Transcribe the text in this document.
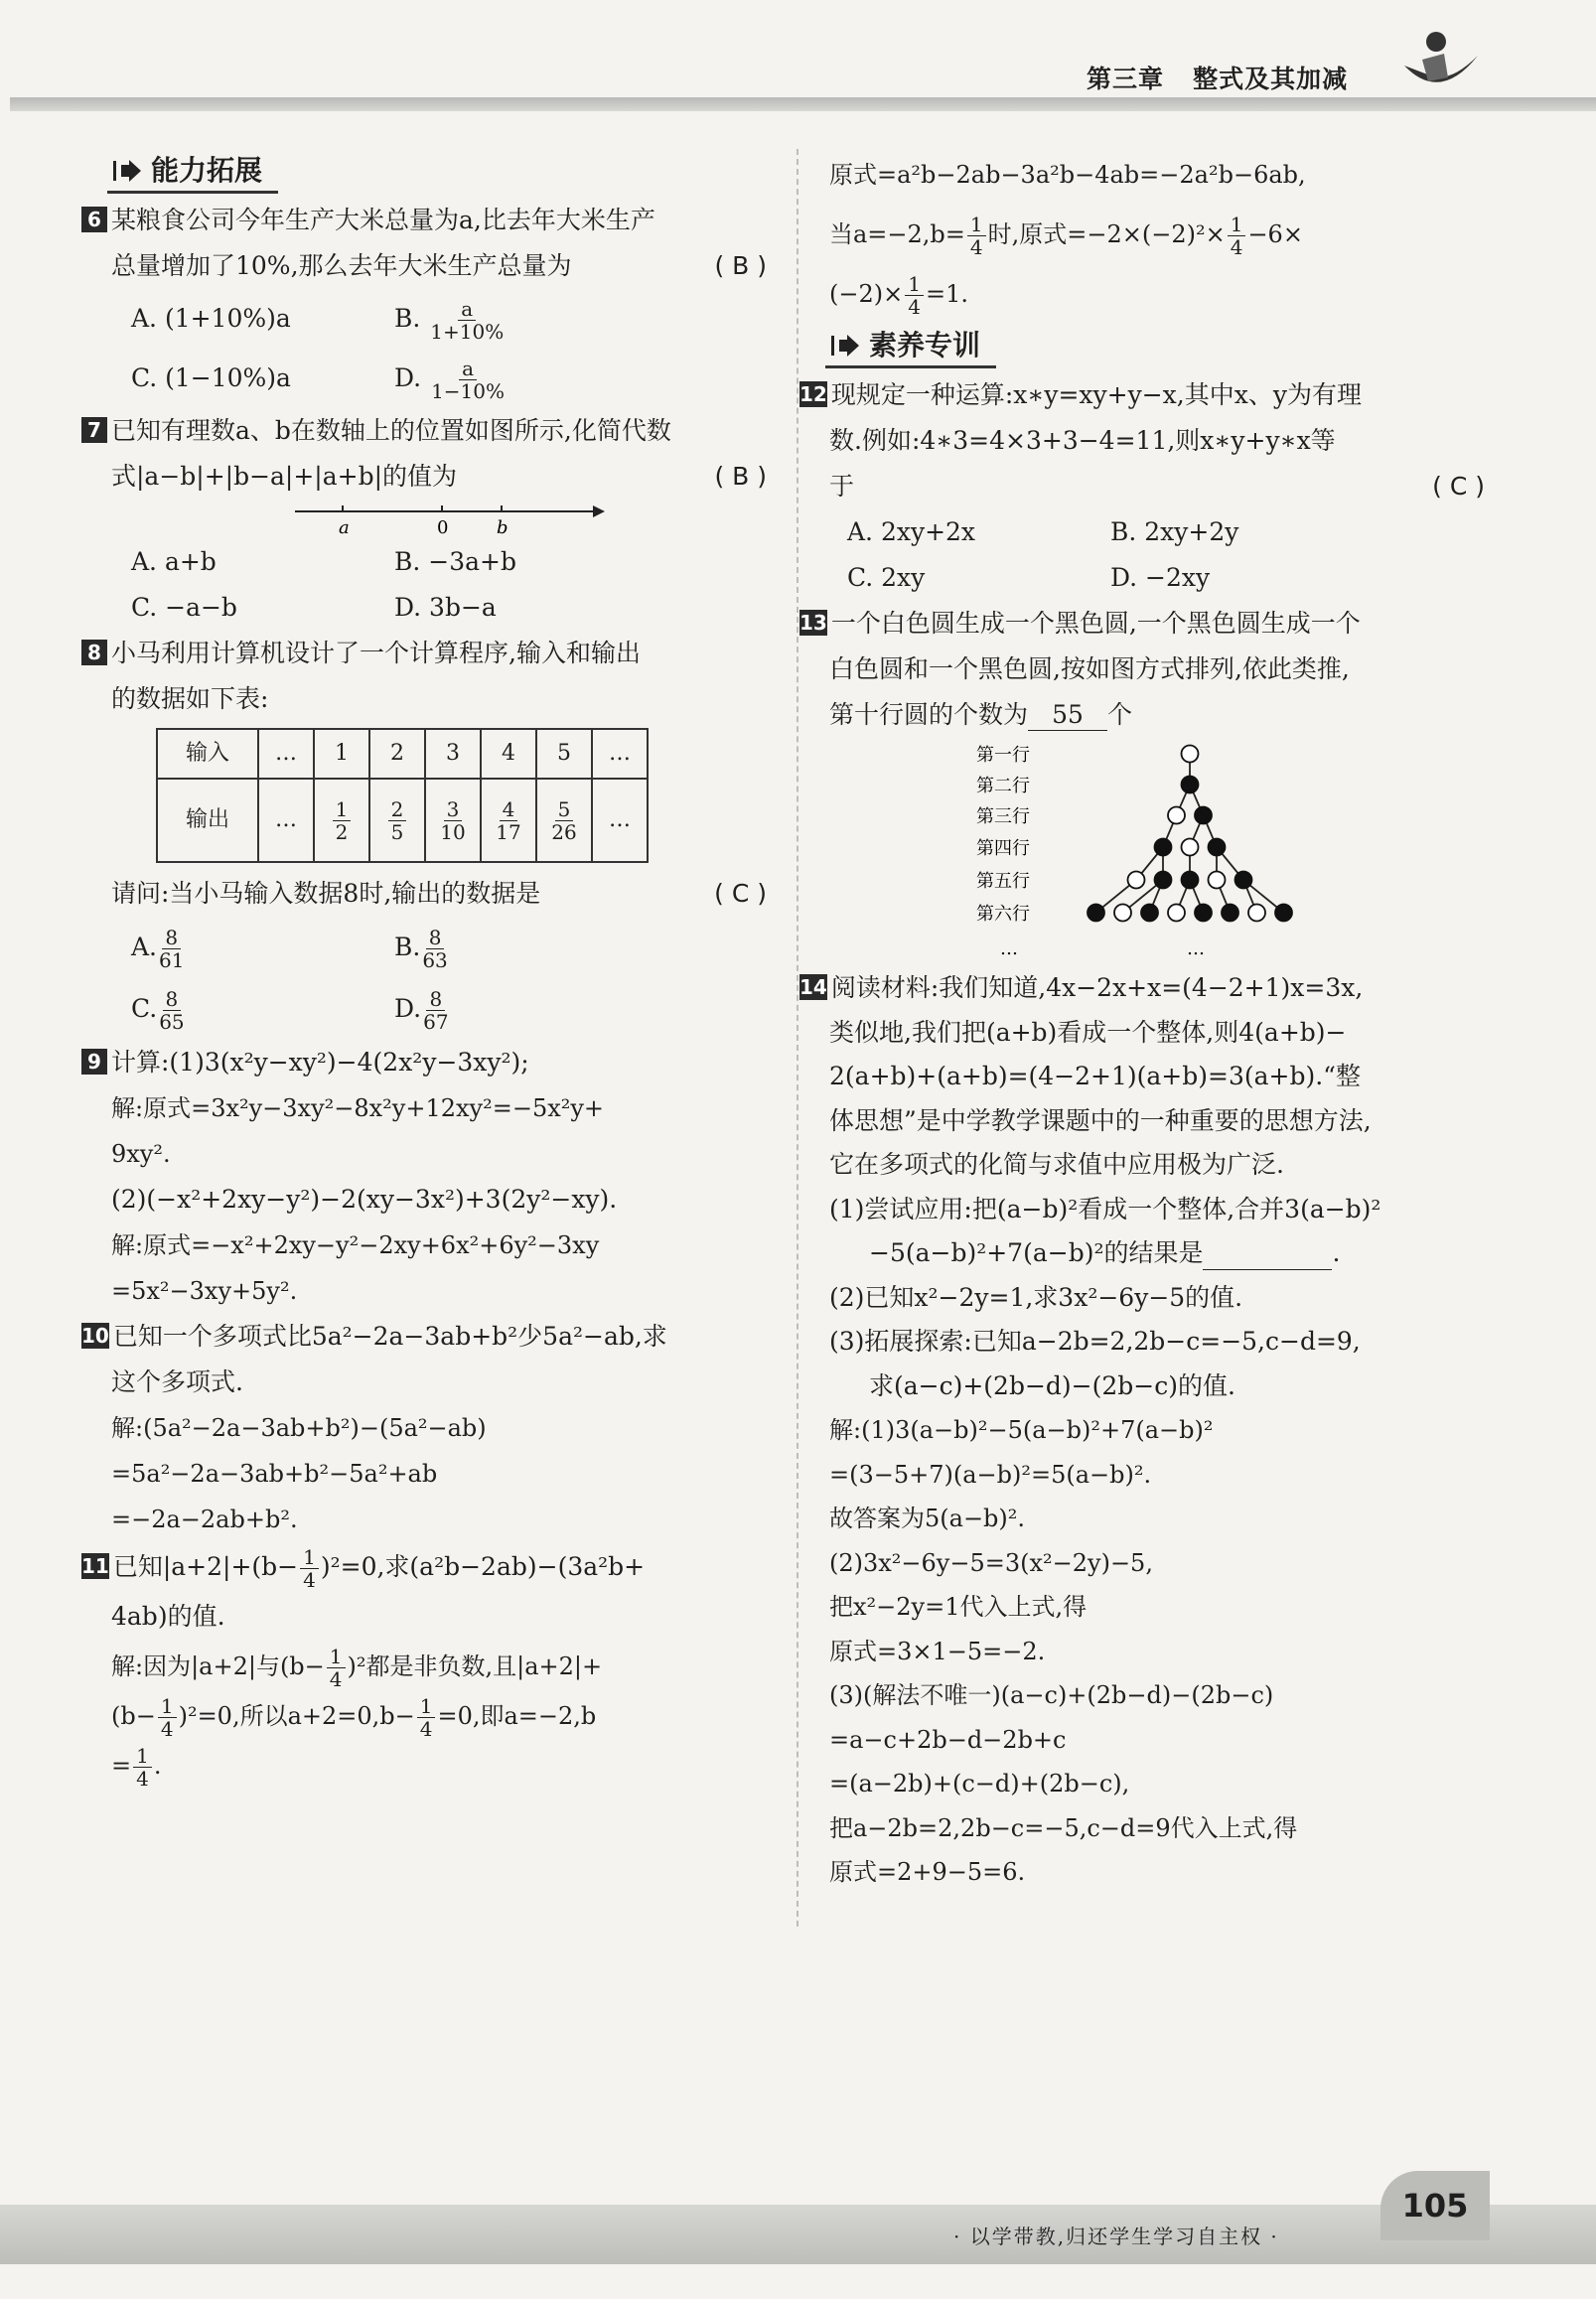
第三章 整式及其加减
能力拓展
6 某粮食公司今年生产大米总量为a,比去年大米生产
总量增加了10%,那么去年大米生产总量为	( B )
A. (1+10%)a	B. $\frac{a}{1+10\%}$
C. (1−10%)a	D. $\frac{a}{1-10\%}$
7 已知有理数a、b在数轴上的位置如图所示,化简代数
式|a−b|+|b−a|+|a+b|的值为	( B )
a	0	b
A. a+b	B. −3a+b
C. −a−b	D. 3b−a
8 小马利用计算机设计了一个计算程序,输入和输出
的数据如下表:
输入	…	1	2	3	4	5	…
输出	…	$\frac{1}{2}$	$\frac{2}{5}$	$\frac{3}{10}$	$\frac{4}{17}$	$\frac{5}{26}$	…
请问:当小马输入数据8时,输出的数据是	( C )
A. $\frac{8}{61}$	B. $\frac{8}{63}$
C. $\frac{8}{65}$	D. $\frac{8}{67}$
9 计算:(1)3(x²y−xy²)−4(2x²y−3xy²);
解:原式=3x²y−3xy²−8x²y+12xy²=−5x²y+
9xy².
(2)(−x²+2xy−y²)−2(xy−3x²)+3(2y²−xy).
解:原式=−x²+2xy−y²−2xy+6x²+6y²−3xy
=5x²−3xy+5y².
10 已知一个多项式比5a²−2a−3ab+b²少5a²−ab,求
这个多项式.
解:(5a²−2a−3ab+b²)−(5a²−ab)
=5a²−2a−3ab+b²−5a²+ab
=−2a−2ab+b².
11 已知$|a+2|+(b- \frac{1}{4} )^2=0$,求(a²b−2ab)−(3a²b+
4ab)的值.
解:因为|a+2|与$(b- \frac{1}{4} )^2$都是非负数,且|a+2|+
$(b- \frac{1}{4} )^2=0$,所以$a+2=0,b- \frac{1}{4} =0$,即a=−2,b
= $\frac{1}{4}$ .
原式=a²b−2ab−3a²b−4ab=−2a²b−6ab,
当$a=-2,b= \frac{1}{4}$ 时,原式$=-2\times(-2)^2\times \frac{1}{4} -6\times$
$(-2)\times \frac{1}{4} =1$.
素养专训
12 现规定一种运算:x∗y=xy+y−x,其中x、y为有理
数.例如:4∗3=4×3+3−4=11,则x∗y+y∗x等
于	( C )
A. 2xy+2x	B. 2xy+2y
C. 2xy	D. −2xy
13 一个白色圆生成一个黑色圆,一个黑色圆生成一个
白色圆和一个黑色圆,按如图方式排列,依此类推,
第十行圆的个数为 55 个
第一行
第二行
第三行
第四行
第五行
第六行
…	…
14 阅读材料:我们知道,4x−2x+x=(4−2+1)x=3x,
类似地,我们把(a+b)看成一个整体,则4(a+b)−
2(a+b)+(a+b)=(4−2+1)(a+b)=3(a+b).“整
体思想”是中学教学课题中的一种重要的思想方法,
它在多项式的化简与求值中应用极为广泛.
(1)尝试应用:把(a−b)²看成一个整体,合并3(a−b)²
−5(a−b)²+7(a−b)²的结果是	.
(2)已知x²−2y=1,求3x²−6y−5的值.
(3)拓展探索:已知a−2b=2,2b−c=−5,c−d=9,
求(a−c)+(2b−d)−(2b−c)的值.
解:(1)3(a−b)²−5(a−b)²+7(a−b)²
=(3−5+7)(a−b)²=5(a−b)².
故答案为5(a−b)².
(2)3x²−6y−5=3(x²−2y)−5,
把x²−2y=1代入上式,得
原式=3×1−5=−2.
(3)(解法不唯一)(a−c)+(2b−d)−(2b−c)
=a−c+2b−d−2b+c
=(a−2b)+(c−d)+(2b−c),
把a−2b=2,2b−c=−5,c−d=9代入上式,得
原式=2+9−5=6.
· 以学带教,归还学生学习自主权 ·
105
